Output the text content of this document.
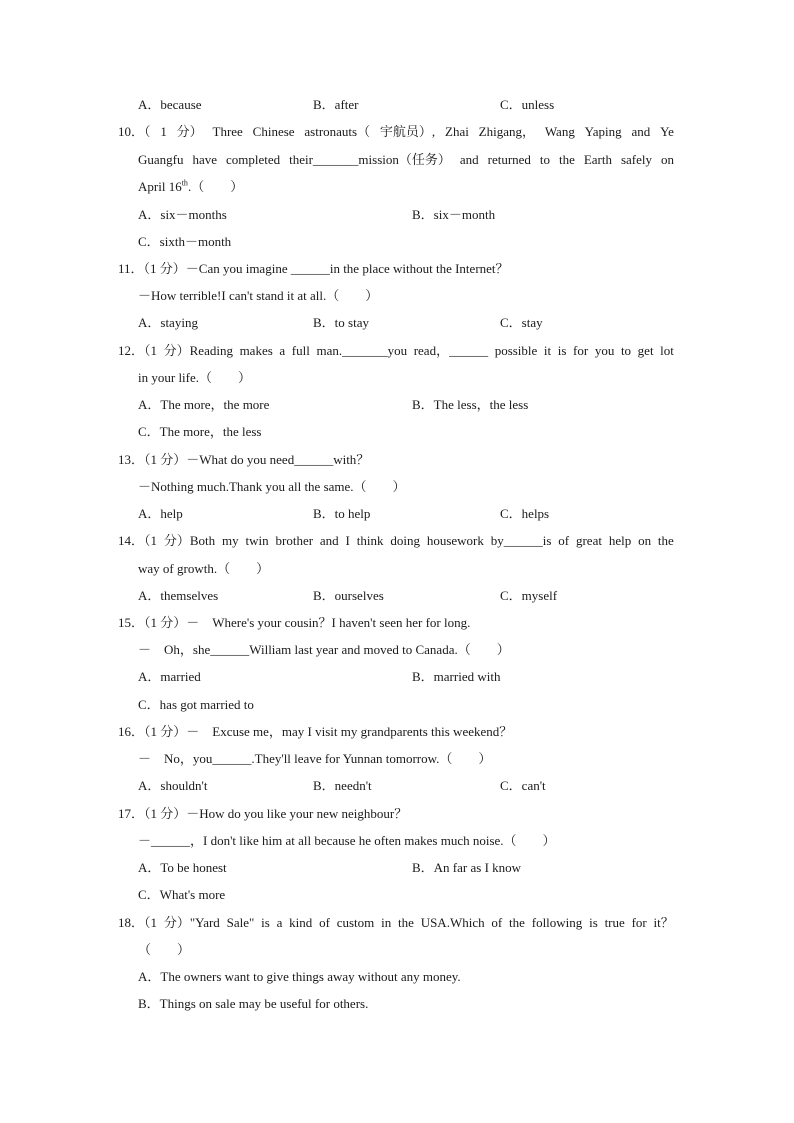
A．because	B．after	C．unless
10．（ 1 分） Three Chinese astronauts（ 宇航员）, Zhai Zhigang， Wang Yaping and Ye
Guangfu have completed their_______mission（任务） and returned to the Earth safely on
April 16th.（　　）
A．six－months	B．six－month
C．sixth－month
11．（1 分）－Can you imagine ______in the place without the Internet？
－How terrible!I can't stand it at all.（　　）
A．staying	B．to stay	C．stay
12．（1 分）Reading makes a full man._______you read，______ possible it is for you to get lot
in your life.（　　）
A．The more，the more	B．The less，the less
C．The more，the less
13．（1 分）－What do you need______with？
－Nothing much.Thank you all the same.（　　）
A．help	B．to help	C．helps
14．（1 分）Both my twin brother and I think doing housework by______is of great help on the
way of growth.（　　）
A．themselves	B．ourselves	C．myself
15．（1 分）－　Where's your cousin？I haven't seen her for long.
－　Oh，she______William last year and moved to Canada.（　　）
A．married	B．married with
C．has got married to
16．（1 分）－　Excuse me，may I visit my grandparents this weekend？
－　No，you______.They'll leave for Yunnan tomorrow.（　　）
A．shouldn't	B．needn't	C．can't
17．（1 分）－How do you like your new neighbour？
－______，I don't like him at all because he often makes much noise.（　　）
A．To be honest	B．An far as I know
C．What's more
18．（1 分）"Yard Sale" is a kind of custom in the USA.Which of the following is true for it？
（　　）
A．The owners want to give things away without any money.
B．Things on sale may be useful for others.
